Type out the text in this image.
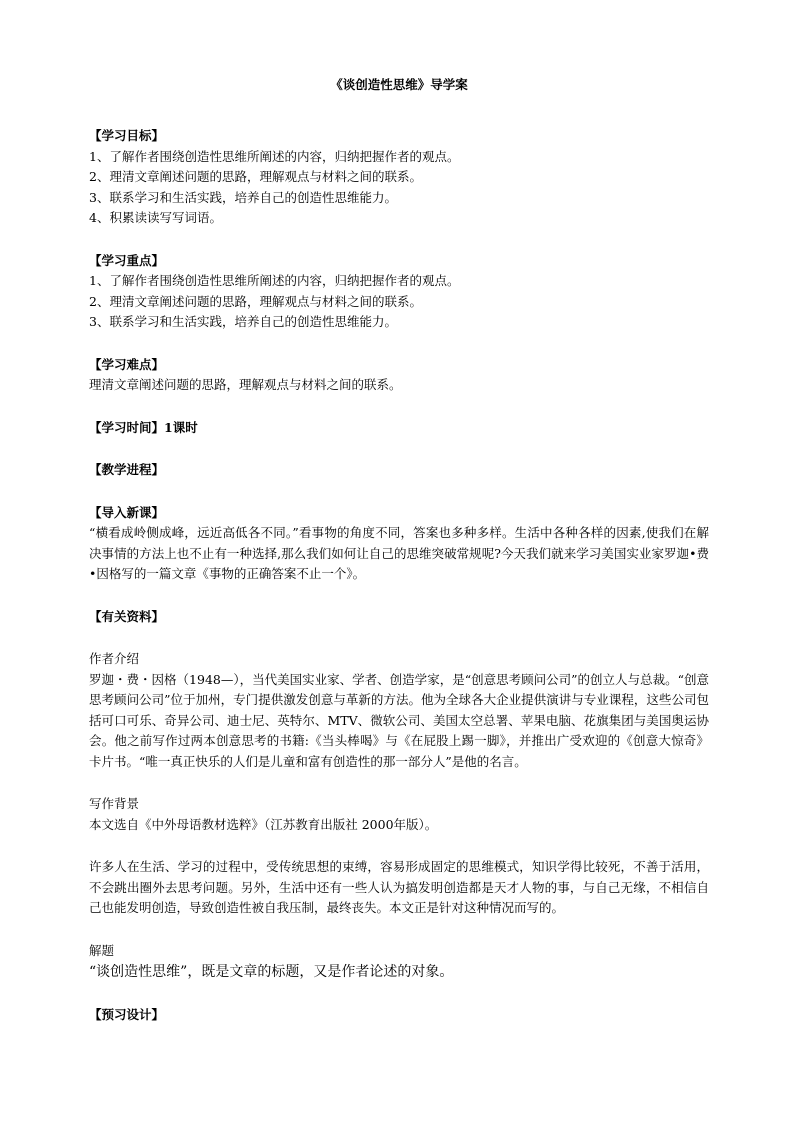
《谈创造性思维》导学案

【学习目标】

1、了解作者围绕创造性思维所阐述的内容，归纳把握作者的观点。

2、理清文章阐述问题的思路，理解观点与材料之间的联系。

3、联系学习和生活实践，培养自己的创造性思维能力。

4、积累读读写写词语。

【学习重点】

1、了解作者围绕创造性思维所阐述的内容，归纳把握作者的观点。

2、理清文章阐述问题的思路，理解观点与材料之间的联系。

3、联系学习和生活实践，培养自己的创造性思维能力。

【学习难点】

理清文章阐述问题的思路，理解观点与材料之间的联系。

【学习时间】1课时

【教学进程】

【导入新课】

“横看成岭侧成峰，远近高低各不同。”看事物的角度不同，答案也多种多样。生活中各种各样的因素,使我们在解决事情的方法上也不止有一种选择,那么我们如何让自己的思维突破常规呢?今天我们就来学习美国实业家罗迦•费•因格写的一篇文章《事物的正确答案不止一个》。

【有关资料】

作者介绍

罗迦・费・因格（1948—），当代美国实业家、学者、创造学家，是“创意思考顾问公司”的创立人与总裁。“创意思考顾问公司”位于加州，专门提供激发创意与革新的方法。他为全球各大企业提供演讲与专业课程，这些公司包括可口可乐、奇异公司、迪士尼、英特尔、MTV、微软公司、美国太空总署、苹果电脑、花旗集团与美国奥运协会。他之前写作过两本创意思考的书籍:《当头棒喝》与《在屁股上踢一脚》，并推出广受欢迎的《创意大惊奇》卡片书。“唯一真正快乐的人们是儿童和富有创造性的那一部分人”是他的名言。

写作背景

本文选自《中外母语教材选粹》（江苏教育出版社 2000年版）。

许多人在生活、学习的过程中，受传统思想的束缚，容易形成固定的思维模式，知识学得比较死，不善于活用，不会跳出圈外去思考问题。另外，生活中还有一些人认为搞发明创造都是天才人物的事，与自己无缘，不相信自己也能发明创造，导致创造性被自我压制，最终丧失。本文正是针对这种情况而写的。

解题

“谈创造性思维”，既是文章的标题，又是作者论述的对象。

【预习设计】
